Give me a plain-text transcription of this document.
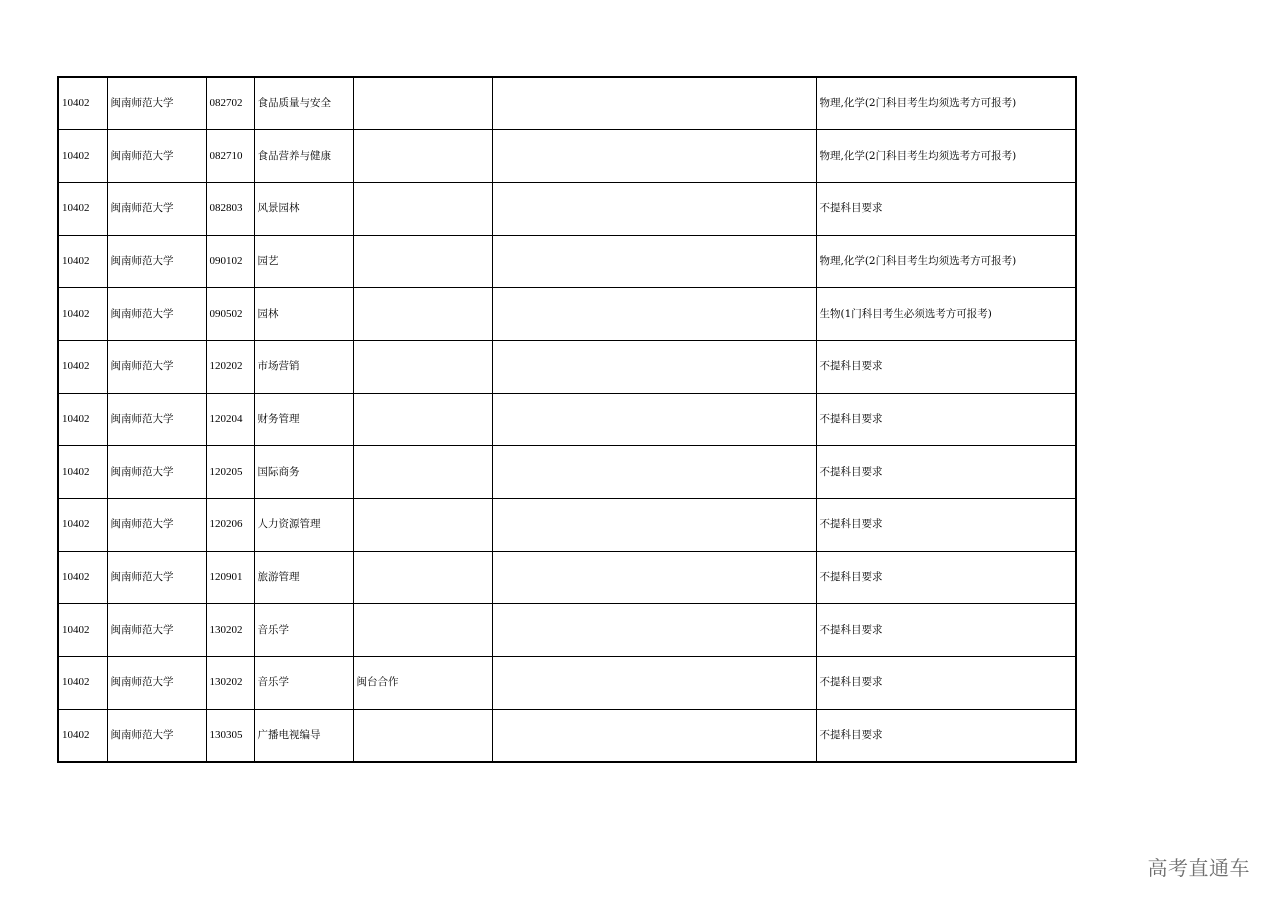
10402	闽南师范大学	082702	食品质量与安全			物理,化学(2门科目考生均须选考方可报考)
10402	闽南师范大学	082710	食品营养与健康			物理,化学(2门科目考生均须选考方可报考)
10402	闽南师范大学	082803	风景园林			不提科目要求
10402	闽南师范大学	090102	园艺			物理,化学(2门科目考生均须选考方可报考)
10402	闽南师范大学	090502	园林			生物(1门科目考生必须选考方可报考)
10402	闽南师范大学	120202	市场营销			不提科目要求
10402	闽南师范大学	120204	财务管理			不提科目要求
10402	闽南师范大学	120205	国际商务			不提科目要求
10402	闽南师范大学	120206	人力资源管理			不提科目要求
10402	闽南师范大学	120901	旅游管理			不提科目要求
10402	闽南师范大学	130202	音乐学			不提科目要求
10402	闽南师范大学	130202	音乐学	闽台合作		不提科目要求
10402	闽南师范大学	130305	广播电视编导			不提科目要求
高考直通车
